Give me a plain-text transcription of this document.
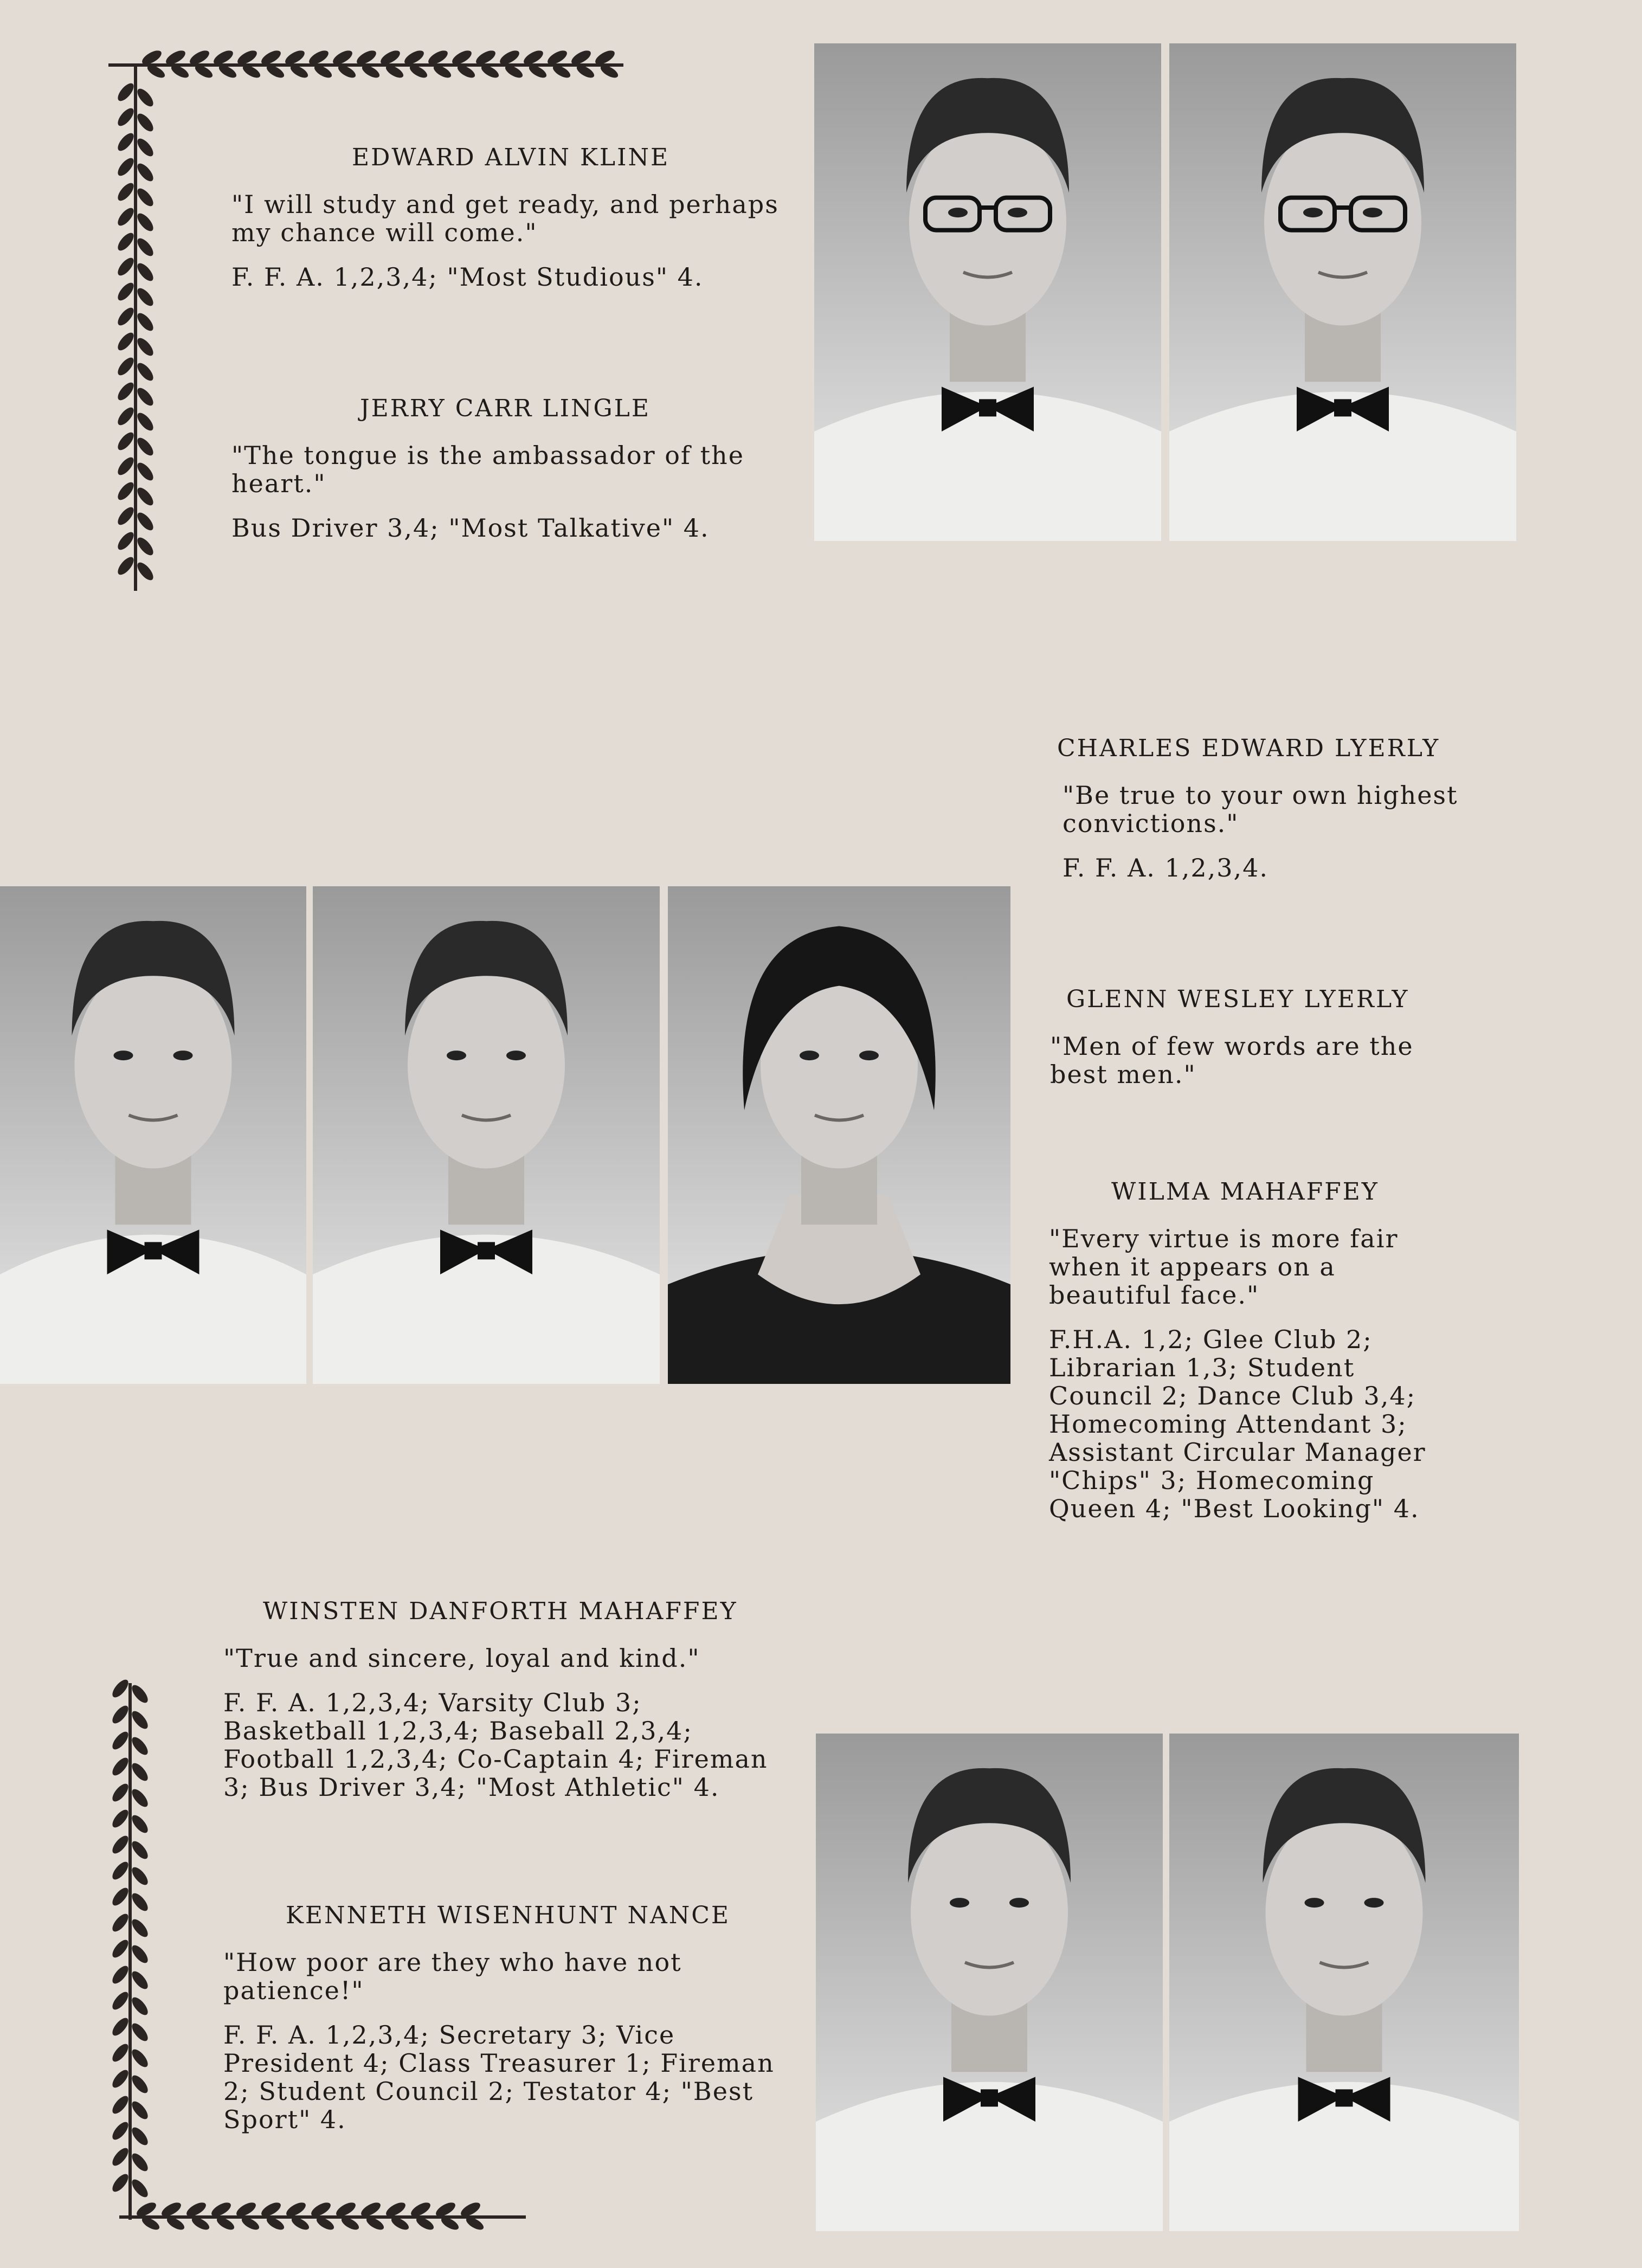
EDWARD ALVIN KLINE
"I will study and get ready, and perhaps my chance will come."
F. F. A. 1,2,3,4; "Most Studious" 4.
JERRY CARR LINGLE
"The tongue is the ambassador of the heart."
Bus Driver 3,4; "Most Talkative" 4.
CHARLES EDWARD LYERLY
"Be true to your own highest convictions."
F. F. A. 1,2,3,4.
GLENN WESLEY LYERLY
"Men of few words are the best men."
WILMA MAHAFFEY
"Every virtue is more fair when it appears on a beautiful face."
F.H.A. 1,2; Glee Club 2; Librarian 1,3; Student Council 2; Dance Club 3,4; Homecoming Attendant 3; Assistant Circular Manager "Chips" 3; Homecoming Queen 4; "Best Looking" 4.
WINSTEN DANFORTH MAHAFFEY
"True and sincere, loyal and kind."
F. F. A. 1,2,3,4; Varsity Club 3; Basketball 1,2,3,4; Baseball 2,3,4; Football 1,2,3,4; Co-Captain 4; Fireman 3; Bus Driver 3,4; "Most Athletic" 4.
KENNETH WISENHUNT NANCE
"How poor are they who have not patience!"
F. F. A. 1,2,3,4; Secretary 3; Vice President 4; Class Treasurer 1; Fireman 2; Student Council 2; Testator 4; "Best Sport" 4.
